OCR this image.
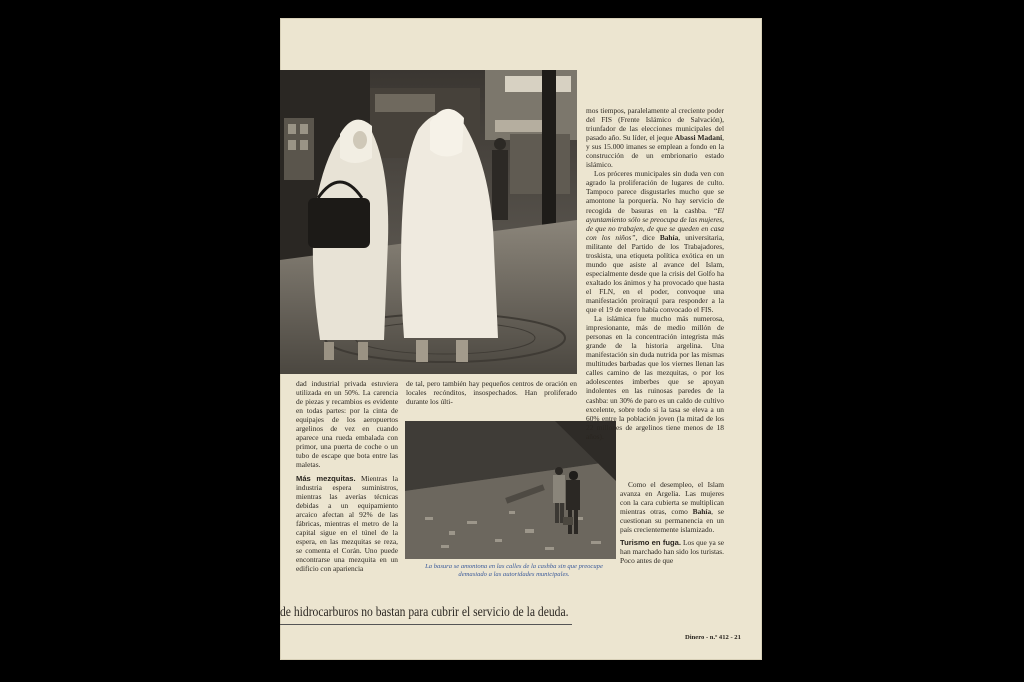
dad industrial privada estuviera utilizada en un 50%. La carencia de piezas y recambios es evidente en todas partes: por la cinta de equipajes de los aeropuertos argelinos de vez en cuando aparece una rueda embalada con primor, una puerta de coche o un tubo de escape que bota entre las maletas.

Más mezquitas. Mientras la industria espera suministros, mientras las averías técnicas debidas a un equipamiento arcaico afectan al 92% de las fábricas, mientras el metro de la capital sigue en el túnel de la espera, en las mezquitas se reza, se comenta el Corán. Uno puede encontrarse una mezquita en un edificio con apariencia

de tal, pero también hay pequeños centros de oración en locales recónditos, insospechados. Han proliferado durante los últi-

mos tiempos, paralelamente al creciente poder del FIS (Frente Islámico de Salvación), triunfador de las elecciones municipales del pasado año. Su líder, el jeque Abassi Madani, y sus 15.000 imanes se emplean a fondo en la construcción de un embrionario estado islámico.

Los próceres municipales sin duda ven con agrado la proliferación de lugares de culto. Tampoco parece disgustarles mucho que se amontone la porquería. No hay servicio de recogida de basuras en la cashba. “El ayuntamiento sólo se preocupa de las mujeres, de que no trabajen, de que se queden en casa con los niños”, dice Bahía, universitaria, militante del Partido de los Trabajadores, troskista, una etiqueta política exótica en un mundo que asiste al avance del Islam, especialmente desde que la crisis del Golfo ha exaltado los ánimos y ha provocado que hasta el FLN, en el poder, convoque una manifestación proiraquí para responder a la que el 19 de enero había convocado el FIS.

La islámica fue mucho más numerosa, impresionante, más de medio millón de personas en la concentración integrista más grande de la historia argelina. Una manifestación sin duda nutrida por las mismas multitudes barbadas que los viernes llenan las calles camino de las mezquitas, o por los adolescentes imberbes que se apoyan indolentes en las ruinosas paredes de la cashba: un 30% de paro es un caldo de cultivo excelente, sobre todo si la tasa se eleva a un 60% entre la población joven (la mitad de los 22 millones de argelinos tiene menos de 18 años).

Como el desempleo, el Islam avanza en Argelia. Las mujeres con la cara cubierta se multiplican mientras otras, como Bahía, se cuestionan su permanencia en un país crecientemente islamizado.

Turismo en fuga. Los que ya se han marchado han sido los turistas. Poco antes de que

La basura se amontona en las calles de la cashba sin que preocupe demasiado a las autoridades municipales.
de hidrocarburos no bastan para cubrir el servicio de la deuda.
Dinero - n.º 412 - 21
